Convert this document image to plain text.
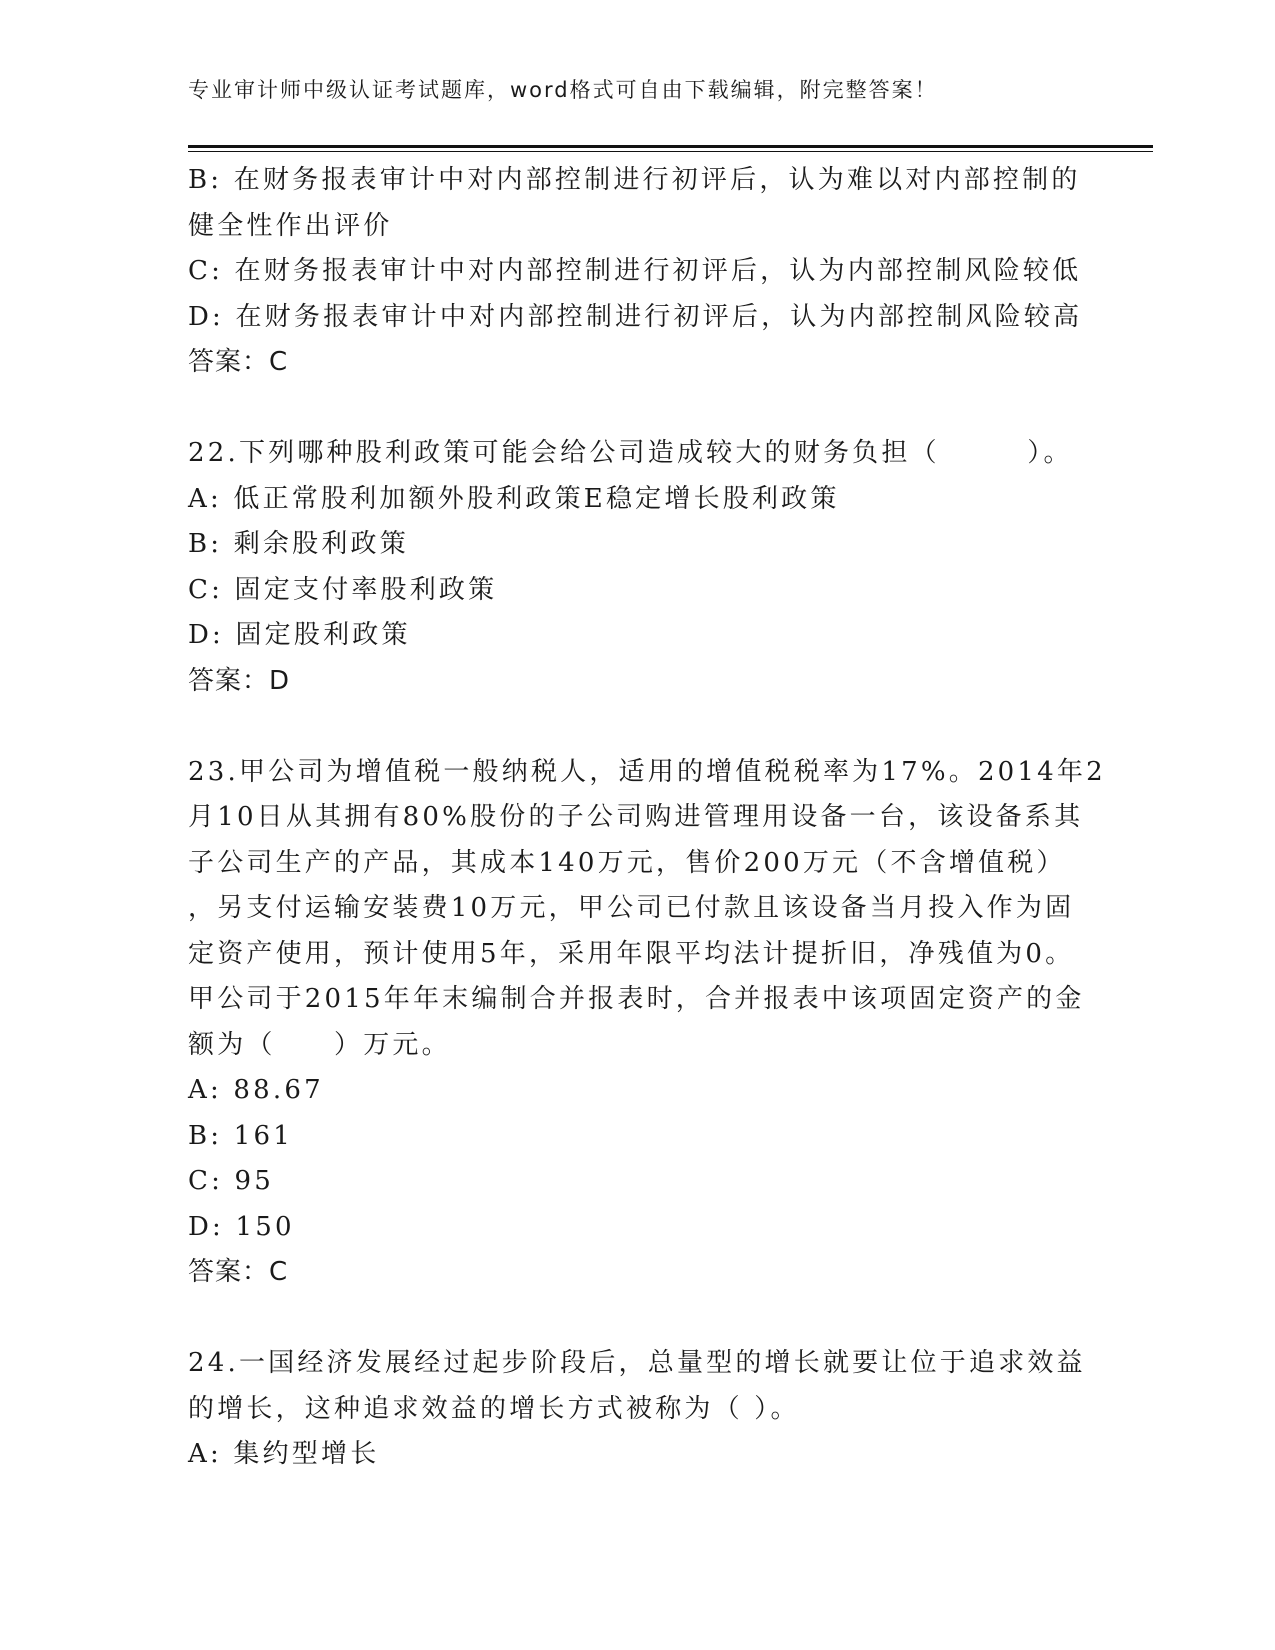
专业审计师中级认证考试题库，word格式可自由下载编辑，附完整答案！
B: 在财务报表审计中对内部控制进行初评后，认为难以对内部控制的
健全性作出评价
C: 在财务报表审计中对内部控制进行初评后，认为内部控制风险较低
D: 在财务报表审计中对内部控制进行初评后，认为内部控制风险较高
答案：C
22.下列哪种股利政策可能会给公司造成较大的财务负担（　　　）。
A: 低正常股利加额外股利政策E稳定增长股利政策
B: 剩余股利政策
C: 固定支付率股利政策
D: 固定股利政策
答案：D
23.甲公司为增值税一般纳税人，适用的增值税税率为17%。2014年2
月10日从其拥有80%股份的子公司购进管理用设备一台，该设备系其
子公司生产的产品，其成本140万元，售价200万元（不含增值税）
，另支付运输安装费10万元，甲公司已付款且该设备当月投入作为固
定资产使用，预计使用5年，采用年限平均法计提折旧，净残值为0。
甲公司于2015年年末编制合并报表时，合并报表中该项固定资产的金
额为（　　）万元。
A: 88.67
B: 161
C: 95
D: 150
答案：C
24.一国经济发展经过起步阶段后，总量型的增长就要让位于追求效益
的增长，这种追求效益的增长方式被称为（ ）。
A: 集约型增长
